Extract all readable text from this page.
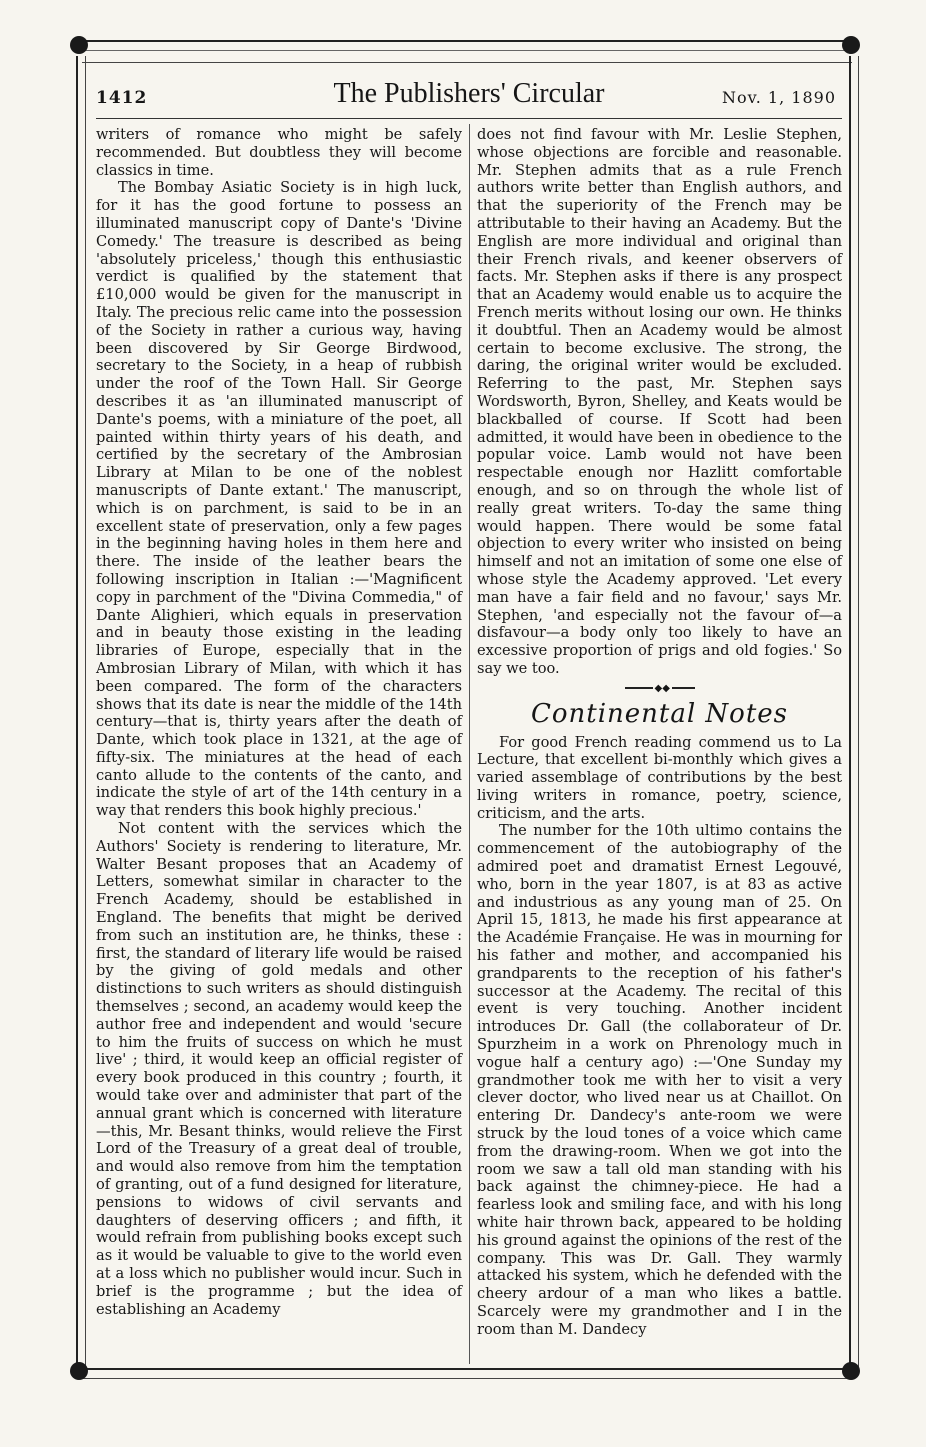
1412	The Publishers' Circular	Nov. 1, 1890

writers of romance who might be safely recommended. But doubtless they will become classics in time.

The Bombay Asiatic Society is in high luck, for it has the good fortune to possess an illuminated manuscript copy of Dante's 'Divine Comedy.' The treasure is described as being 'absolutely priceless,' though this enthusiastic verdict is qualified by the statement that £10,000 would be given for the manuscript in Italy. The precious relic came into the possession of the Society in rather a curious way, having been discovered by Sir George Birdwood, secretary to the Society, in a heap of rubbish under the roof of the Town Hall. Sir George describes it as 'an illuminated manuscript of Dante's poems, with a miniature of the poet, all painted within thirty years of his death, and certified by the secretary of the Ambrosian Library at Milan to be one of the noblest manuscripts of Dante extant.' The manuscript, which is on parchment, is said to be in an excellent state of preservation, only a few pages in the beginning having holes in them here and there. The inside of the leather bears the following inscription in Italian :—'Magnificent copy in parchment of the "Divina Commedia," of Dante Alighieri, which equals in preservation and in beauty those existing in the leading libraries of Europe, especially that in the Ambrosian Library of Milan, with which it has been compared. The form of the characters shows that its date is near the middle of the 14th century—that is, thirty years after the death of Dante, which took place in 1321, at the age of fifty-six. The miniatures at the head of each canto allude to the contents of the canto, and indicate the style of art of the 14th century in a way that renders this book highly precious.'

Not content with the services which the Authors' Society is rendering to literature, Mr. Walter Besant proposes that an Academy of Letters, somewhat similar in character to the French Academy, should be established in England. The benefits that might be derived from such an institution are, he thinks, these : first, the standard of literary life would be raised by the giving of gold medals and other distinctions to such writers as should distinguish themselves ; second, an academy would keep the author free and independent and would 'secure to him the fruits of success on which he must live' ; third, it would keep an official register of every book produced in this country ; fourth, it would take over and administer that part of the annual grant which is concerned with literature—this, Mr. Besant thinks, would relieve the First Lord of the Treasury of a great deal of trouble, and would also remove from him the temptation of granting, out of a fund designed for literature, pensions to widows of civil servants and daughters of deserving officers ; and fifth, it would refrain from publishing books except such as it would be valuable to give to the world even at a loss which no publisher would incur. Such in brief is the programme ; but the idea of establishing an Academy

does not find favour with Mr. Leslie Stephen, whose objections are forcible and reasonable. Mr. Stephen admits that as a rule French authors write better than English authors, and that the superiority of the French may be attributable to their having an Academy. But the English are more individual and original than their French rivals, and keener observers of facts. Mr. Stephen asks if there is any prospect that an Academy would enable us to acquire the French merits without losing our own. He thinks it doubtful. Then an Academy would be almost certain to become exclusive. The strong, the daring, the original writer would be excluded. Referring to the past, Mr. Stephen says Wordsworth, Byron, Shelley, and Keats would be blackballed of course. If Scott had been admitted, it would have been in obedience to the popular voice. Lamb would not have been respectable enough nor Hazlitt comfortable enough, and so on through the whole list of really great writers. To-day the same thing would happen. There would be some fatal objection to every writer who insisted on being himself and not an imitation of some one else of whose style the Academy approved. 'Let every man have a fair field and no favour,' says Mr. Stephen, 'and especially not the favour of—a disfavour—a body only too likely to have an excessive proportion of prigs and old fogies.' So say we too.

◆◆
Continental Notes

For good French reading commend us to La Lecture, that excellent bi-monthly which gives a varied assemblage of contributions by the best living writers in romance, poetry, science, criticism, and the arts.

The number for the 10th ultimo contains the commencement of the autobiography of the admired poet and dramatist Ernest Legouvé, who, born in the year 1807, is at 83 as active and industrious as any young man of 25. On April 15, 1813, he made his first appearance at the Académie Française. He was in mourning for his father and mother, and accompanied his grandparents to the reception of his father's successor at the Academy. The recital of this event is very touching. Another incident introduces Dr. Gall (the collaborateur of Dr. Spurzheim in a work on Phrenology much in vogue half a century ago) :—'One Sunday my grandmother took me with her to visit a very clever doctor, who lived near us at Chaillot. On entering Dr. Dandecy's ante-room we were struck by the loud tones of a voice which came from the drawing-room. When we got into the room we saw a tall old man standing with his back against the chimney-piece. He had a fearless look and smiling face, and with his long white hair thrown back, appeared to be holding his ground against the opinions of the rest of the company. This was Dr. Gall. They warmly attacked his system, which he defended with the cheery ardour of a man who likes a battle. Scarcely were my grandmother and I in the room than M. Dandecy
